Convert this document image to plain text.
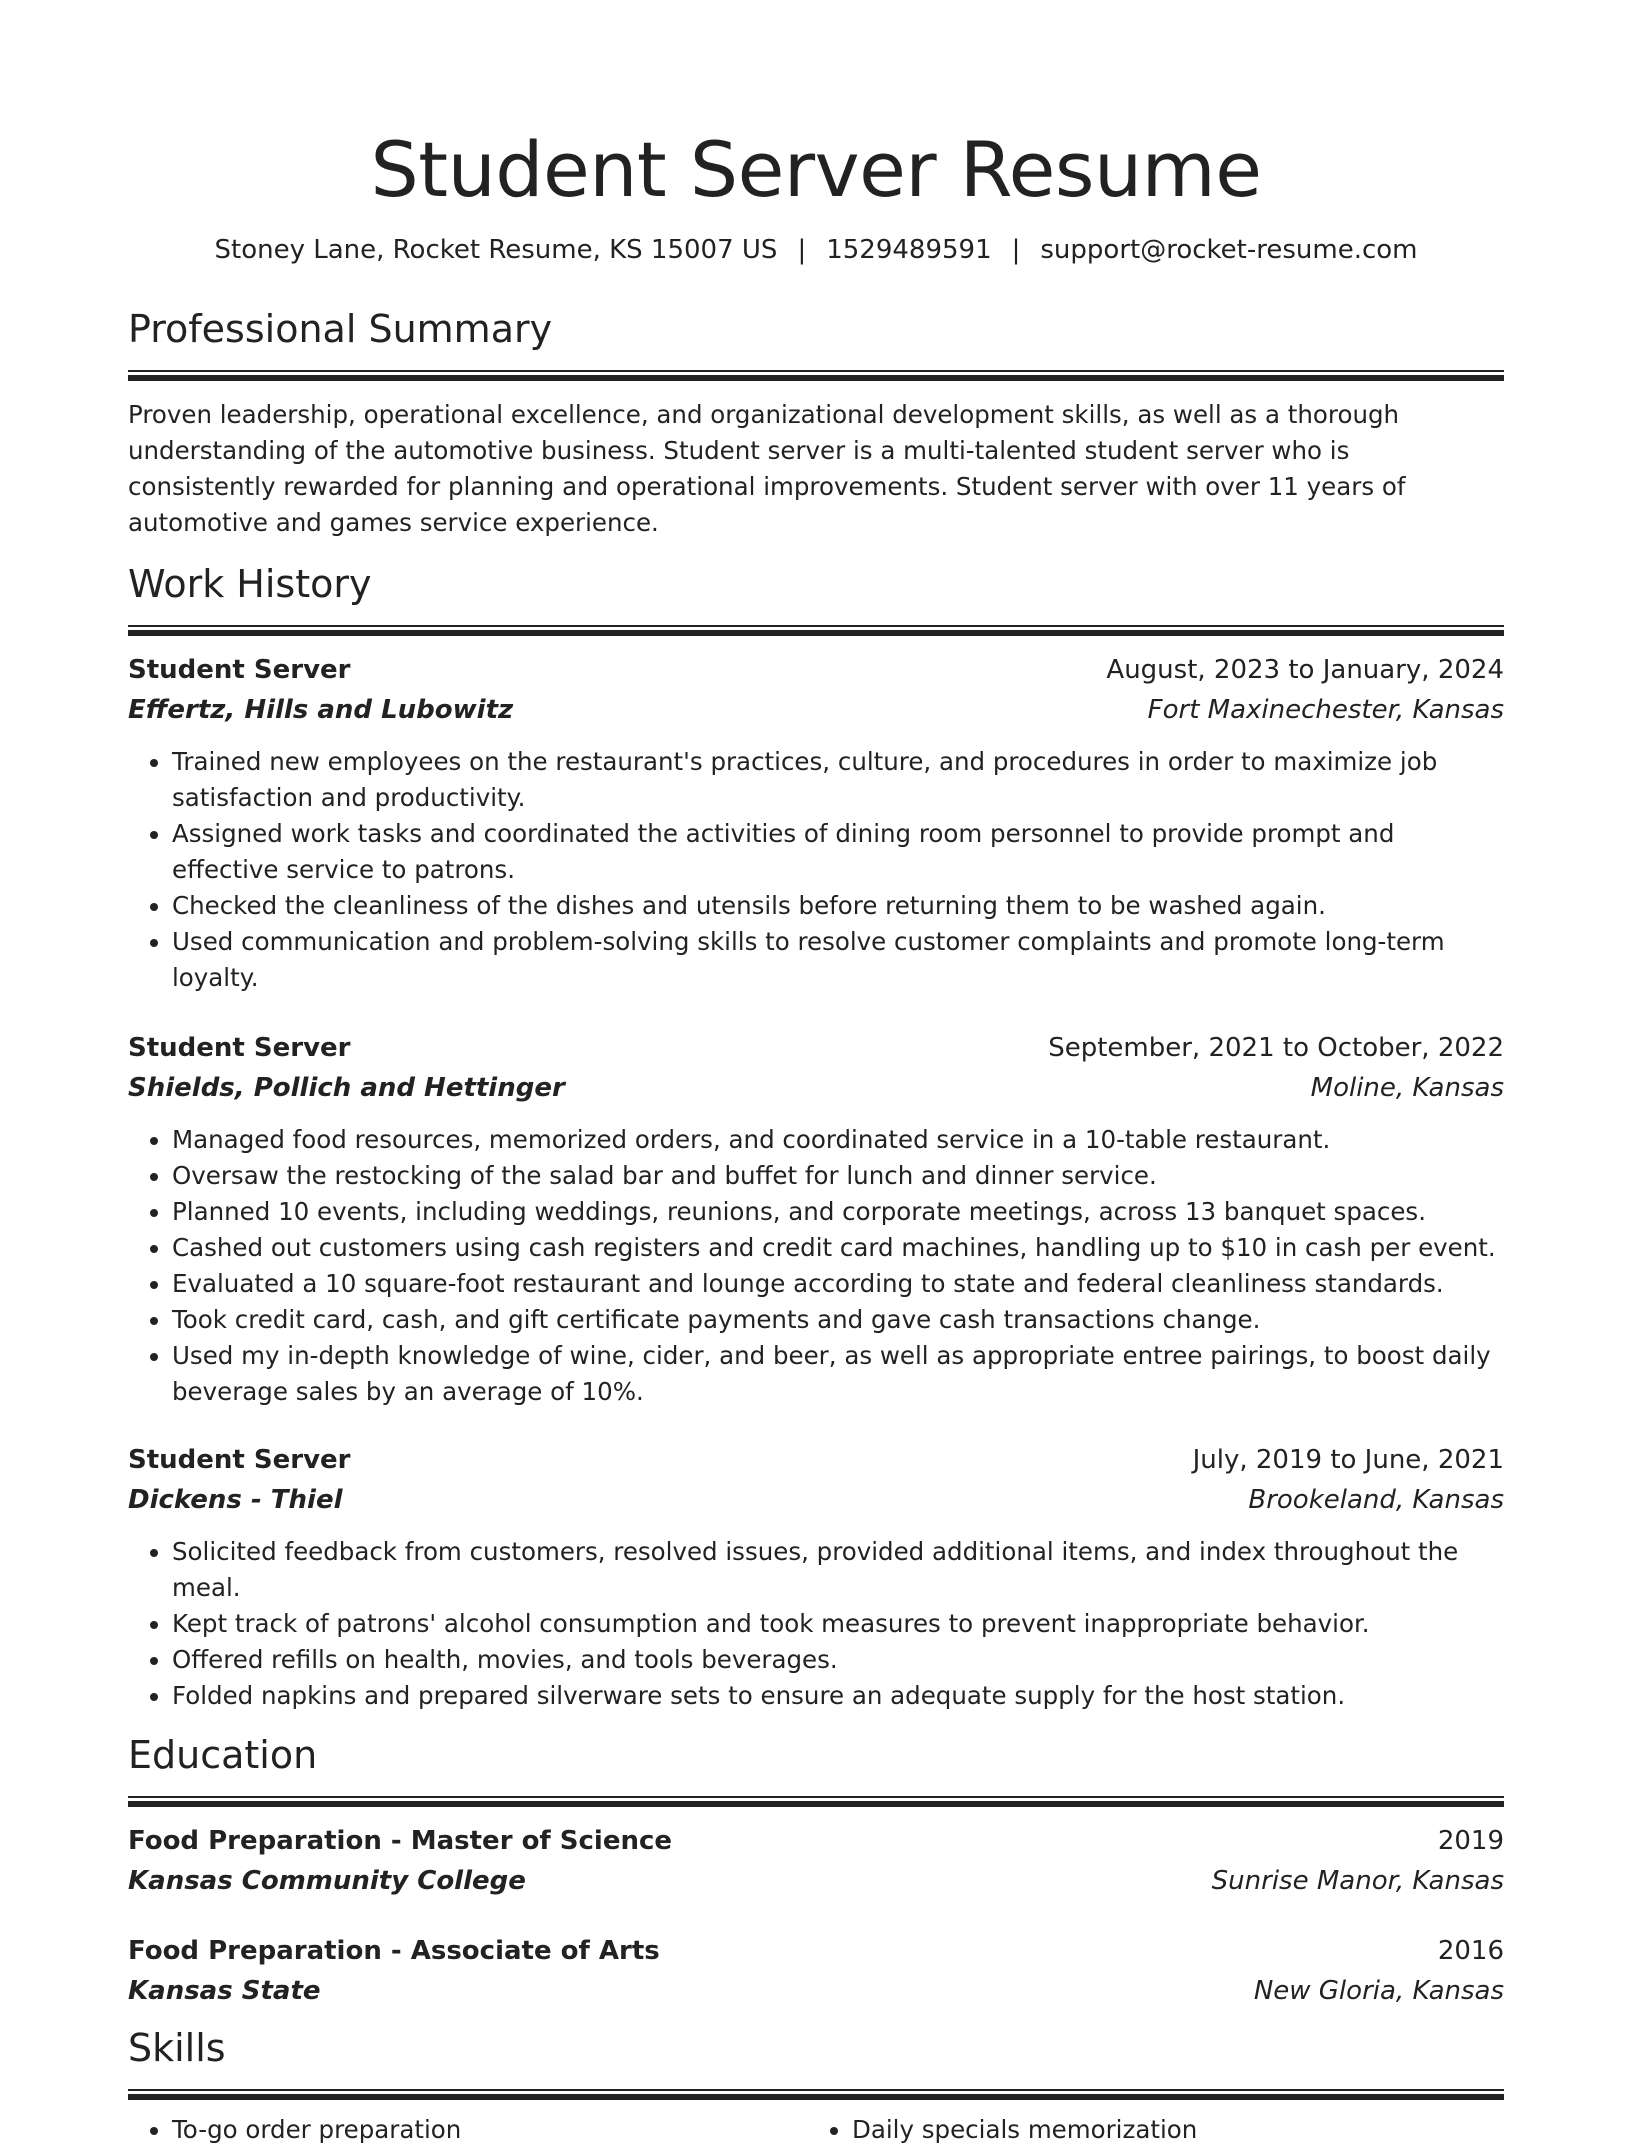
Student Server Resume
Stoney Lane, Rocket Resume, KS 15007 US | 1529489591 | support@rocket-resume.com
Professional Summary

Proven leadership, operational excellence, and organizational development skills, as well as a thorough understanding of the automotive business. Student server is a multi-talented student server who is consistently rewarded for planning and operational improvements. Student server with over 11 years of automotive and games service experience.

Work History
Student Server	August, 2023 to January, 2024
Effertz, Hills and Lubowitz	Fort Maxinechester, Kansas
• Trained new employees on the restaurant's practices, culture, and procedures in order to maximize job satisfaction and productivity.
• Assigned work tasks and coordinated the activities of dining room personnel to provide prompt and effective service to patrons.
• Checked the cleanliness of the dishes and utensils before returning them to be washed again.
• Used communication and problem-solving skills to resolve customer complaints and promote long-term loyalty.
Student Server	September, 2021 to October, 2022
Shields, Pollich and Hettinger	Moline, Kansas
• Managed food resources, memorized orders, and coordinated service in a 10-table restaurant.
• Oversaw the restocking of the salad bar and buffet for lunch and dinner service.
• Planned 10 events, including weddings, reunions, and corporate meetings, across 13 banquet spaces.
• Cashed out customers using cash registers and credit card machines, handling up to $10 in cash per event.
• Evaluated a 10 square-foot restaurant and lounge according to state and federal cleanliness standards.
• Took credit card, cash, and gift certificate payments and gave cash transactions change.
• Used my in-depth knowledge of wine, cider, and beer, as well as appropriate entree pairings, to boost daily beverage sales by an average of 10%.
Student Server	July, 2019 to June, 2021
Dickens - Thiel	Brookeland, Kansas
• Solicited feedback from customers, resolved issues, provided additional items, and index throughout the meal.
• Kept track of patrons' alcohol consumption and took measures to prevent inappropriate behavior.
• Offered refills on health, movies, and tools beverages.
• Folded napkins and prepared silverware sets to ensure an adequate supply for the host station.
Education
Food Preparation - Master of Science	2019
Kansas Community College	Sunrise Manor, Kansas
Food Preparation - Associate of Arts	2016
Kansas State	New Gloria, Kansas
Skills
• To-go order preparation
•	Daily specials memorization
